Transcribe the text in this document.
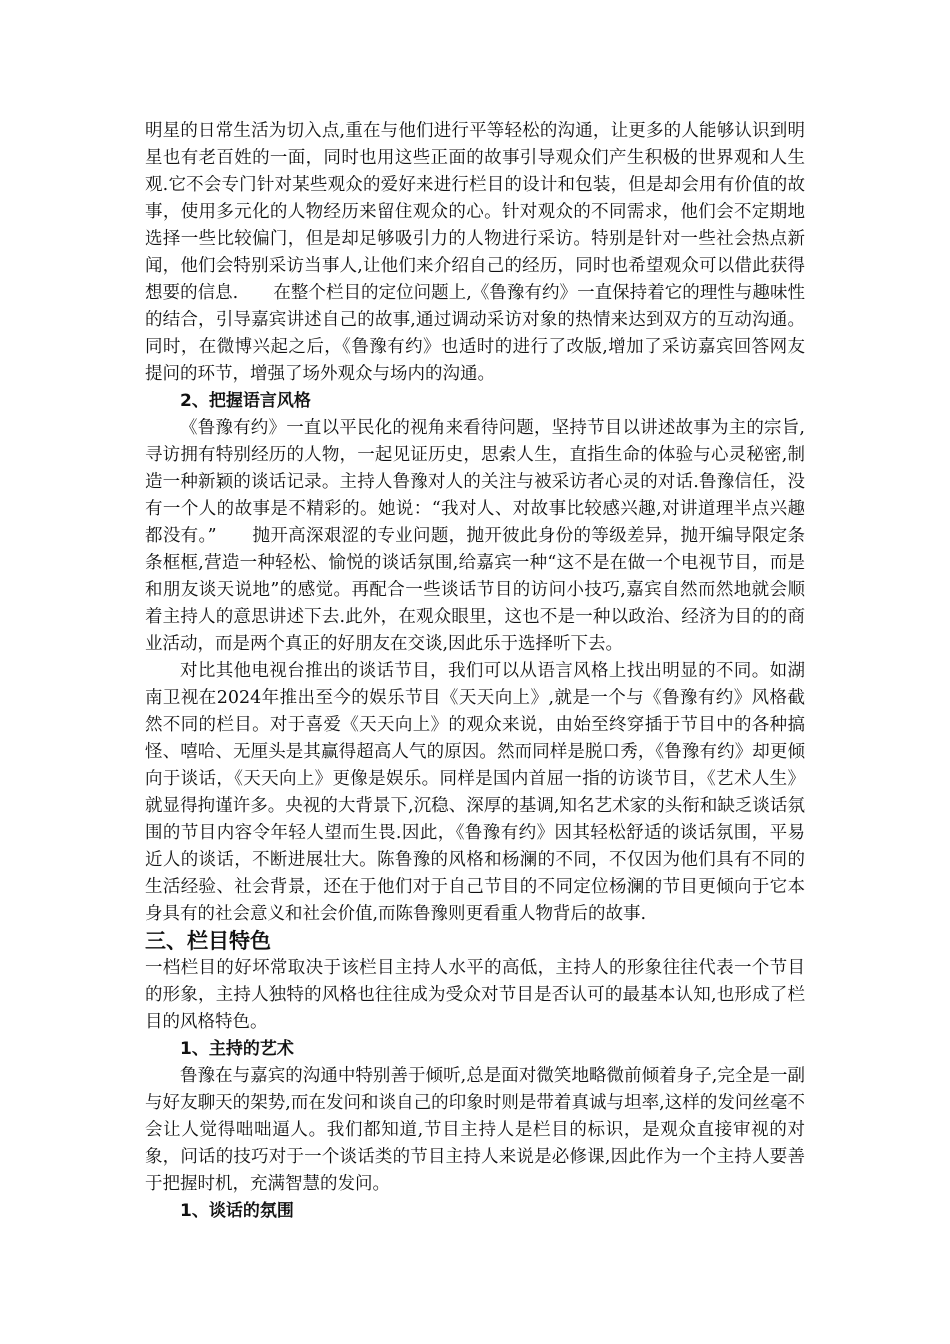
明星的日常生活为切入点,重在与他们进行平等轻松的沟通，让更多的人能够认识到明星也有老百姓的一面，同时也用这些正面的故事引导观众们产生积极的世界观和人生观.它不会专门针对某些观众的爱好来进行栏目的设计和包装，但是却会用有价值的故事，使用多元化的人物经历来留住观众的心。针对观众的不同需求，他们会不定期地选择一些比较偏门，但是却足够吸引力的人物进行采访。特别是针对一些社会热点新闻，他们会特别采访当事人,让他们来介绍自己的经历，同时也希望观众可以借此获得想要的信息.　　在整个栏目的定位问题上,《鲁豫有约》一直保持着它的理性与趣味性的结合，引导嘉宾讲述自己的故事,通过调动采访对象的热情来达到双方的互动沟通。同时，在微博兴起之后，《鲁豫有约》也适时的进行了改版,增加了采访嘉宾回答网友提问的环节，增强了场外观众与场内的沟通。

2、把握语言风格

《鲁豫有约》一直以平民化的视角来看待问题，坚持节目以讲述故事为主的宗旨,寻访拥有特别经历的人物，一起见证历史，思索人生，直指生命的体验与心灵秘密,制造一种新颖的谈话记录。主持人鲁豫对人的关注与被采访者心灵的对话.鲁豫信任，没有一个人的故事是不精彩的。她说：“我对人、对故事比较感兴趣,对讲道理半点兴趣都没有。”　　抛开高深艰涩的专业问题，抛开彼此身份的等级差异，抛开编导限定条条框框,营造一种轻松、愉悦的谈话氛围,给嘉宾一种“这不是在做一个电视节目，而是和朋友谈天说地”的感觉。再配合一些谈话节目的访问小技巧,嘉宾自然而然地就会顺着主持人的意思讲述下去.此外，在观众眼里，这也不是一种以政治、经济为目的的商业活动，而是两个真正的好朋友在交谈,因此乐于选择听下去。

对比其他电视台推出的谈话节目，我们可以从语言风格上找出明显的不同。如湖南卫视在2024年推出至今的娱乐节目《天天向上》,就是一个与《鲁豫有约》风格截然不同的栏目。对于喜爱《天天向上》的观众来说，由始至终穿插于节目中的各种搞怪、嘻哈、无厘头是其赢得超高人气的原因。然而同样是脱口秀，《鲁豫有约》却更倾向于谈话，《天天向上》更像是娱乐。同样是国内首屈一指的访谈节目，《艺术人生》就显得拘谨许多。央视的大背景下,沉稳、深厚的基调,知名艺术家的头衔和缺乏谈话氛围的节目内容令年轻人望而生畏.因此，《鲁豫有约》因其轻松舒适的谈话氛围，平易近人的谈话，不断进展壮大。陈鲁豫的风格和杨澜的不同，不仅因为他们具有不同的生活经验、社会背景，还在于他们对于自己节目的不同定位杨澜的节目更倾向于它本身具有的社会意义和社会价值,而陈鲁豫则更看重人物背后的故事.

三、栏目特色

一档栏目的好坏常取决于该栏目主持人水平的高低，主持人的形象往往代表一个节目的形象，主持人独特的风格也往往成为受众对节目是否认可的最基本认知,也形成了栏目的风格特色。

1、主持的艺术

鲁豫在与嘉宾的沟通中特别善于倾听,总是面对微笑地略微前倾着身子,完全是一副与好友聊天的架势,而在发问和谈自己的印象时则是带着真诚与坦率,这样的发问丝毫不会让人觉得咄咄逼人。我们都知道,节目主持人是栏目的标识，是观众直接审视的对象，问话的技巧对于一个谈话类的节目主持人来说是必修课,因此作为一个主持人要善于把握时机，充满智慧的发问。

1、谈话的氛围
